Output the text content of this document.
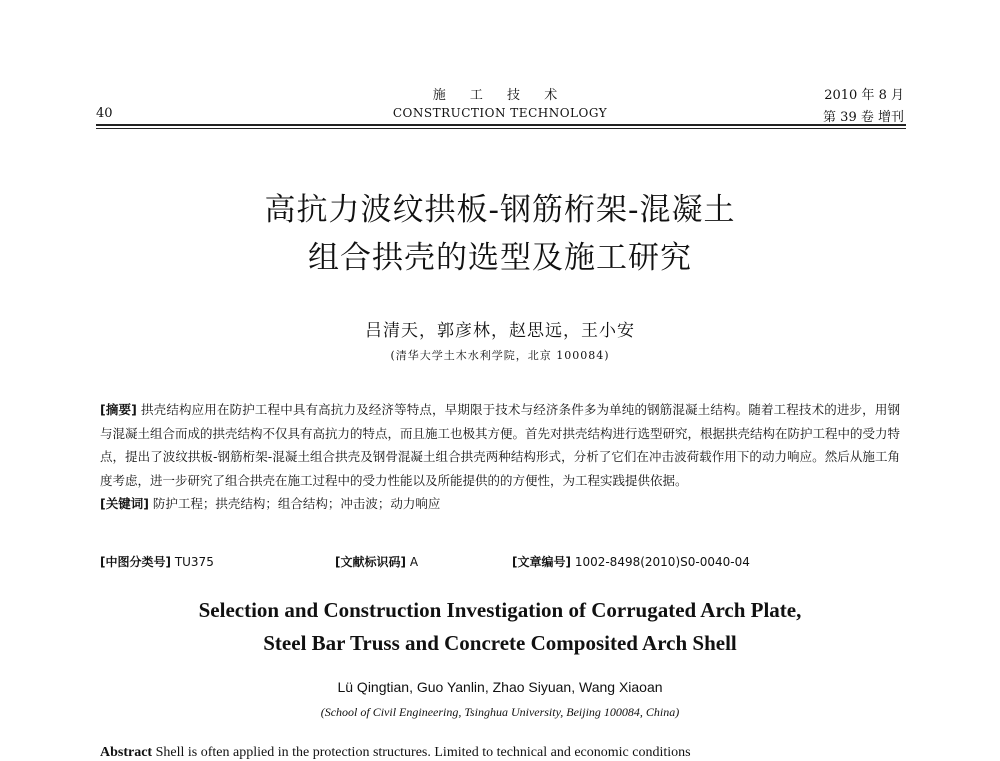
40
施 工 技 术
CONSTRUCTION TECHNOLOGY
2010 年 8 月
第 39 卷 增刊
高抗力波纹拱板-钢筋桁架-混凝土
组合拱壳的选型及施工研究
吕清天，郭彦林，赵思远，王小安
(清华大学土木水利学院，北京 100084)
[摘要] 拱壳结构应用在防护工程中具有高抗力及经济等特点，早期限于技术与经济条件多为单纯的钢筋混凝土结构。随着工程技术的进步，用钢与混凝土组合而成的拱壳结构不仅具有高抗力的特点，而且施工也极其方便。首先对拱壳结构进行选型研究，根据拱壳结构在防护工程中的受力特点，提出了波纹拱板-钢筋桁架-混凝土组合拱壳及钢骨混凝土组合拱壳两种结构形式，分析了它们在冲击波荷载作用下的动力响应。然后从施工角度考虑，进一步研究了组合拱壳在施工过程中的受力性能以及所能提供的的方便性，为工程实践提供依据。
[关键词] 防护工程；拱壳结构；组合结构；冲击波；动力响应
[中图分类号] TU375	[文献标识码] A	[文章编号] 1002-8498(2010)S0-0040-04
Selection and Construction Investigation of Corrugated Arch Plate,
Steel Bar Truss and Concrete Composited Arch Shell
Lü Qingtian, Guo Yanlin, Zhao Siyuan, Wang Xiaoan
(School of Civil Engineering, Tsinghua University, Beijing 100084, China)
Abstract Shell is often applied in the protection structures. Limited to technical and economic conditions
